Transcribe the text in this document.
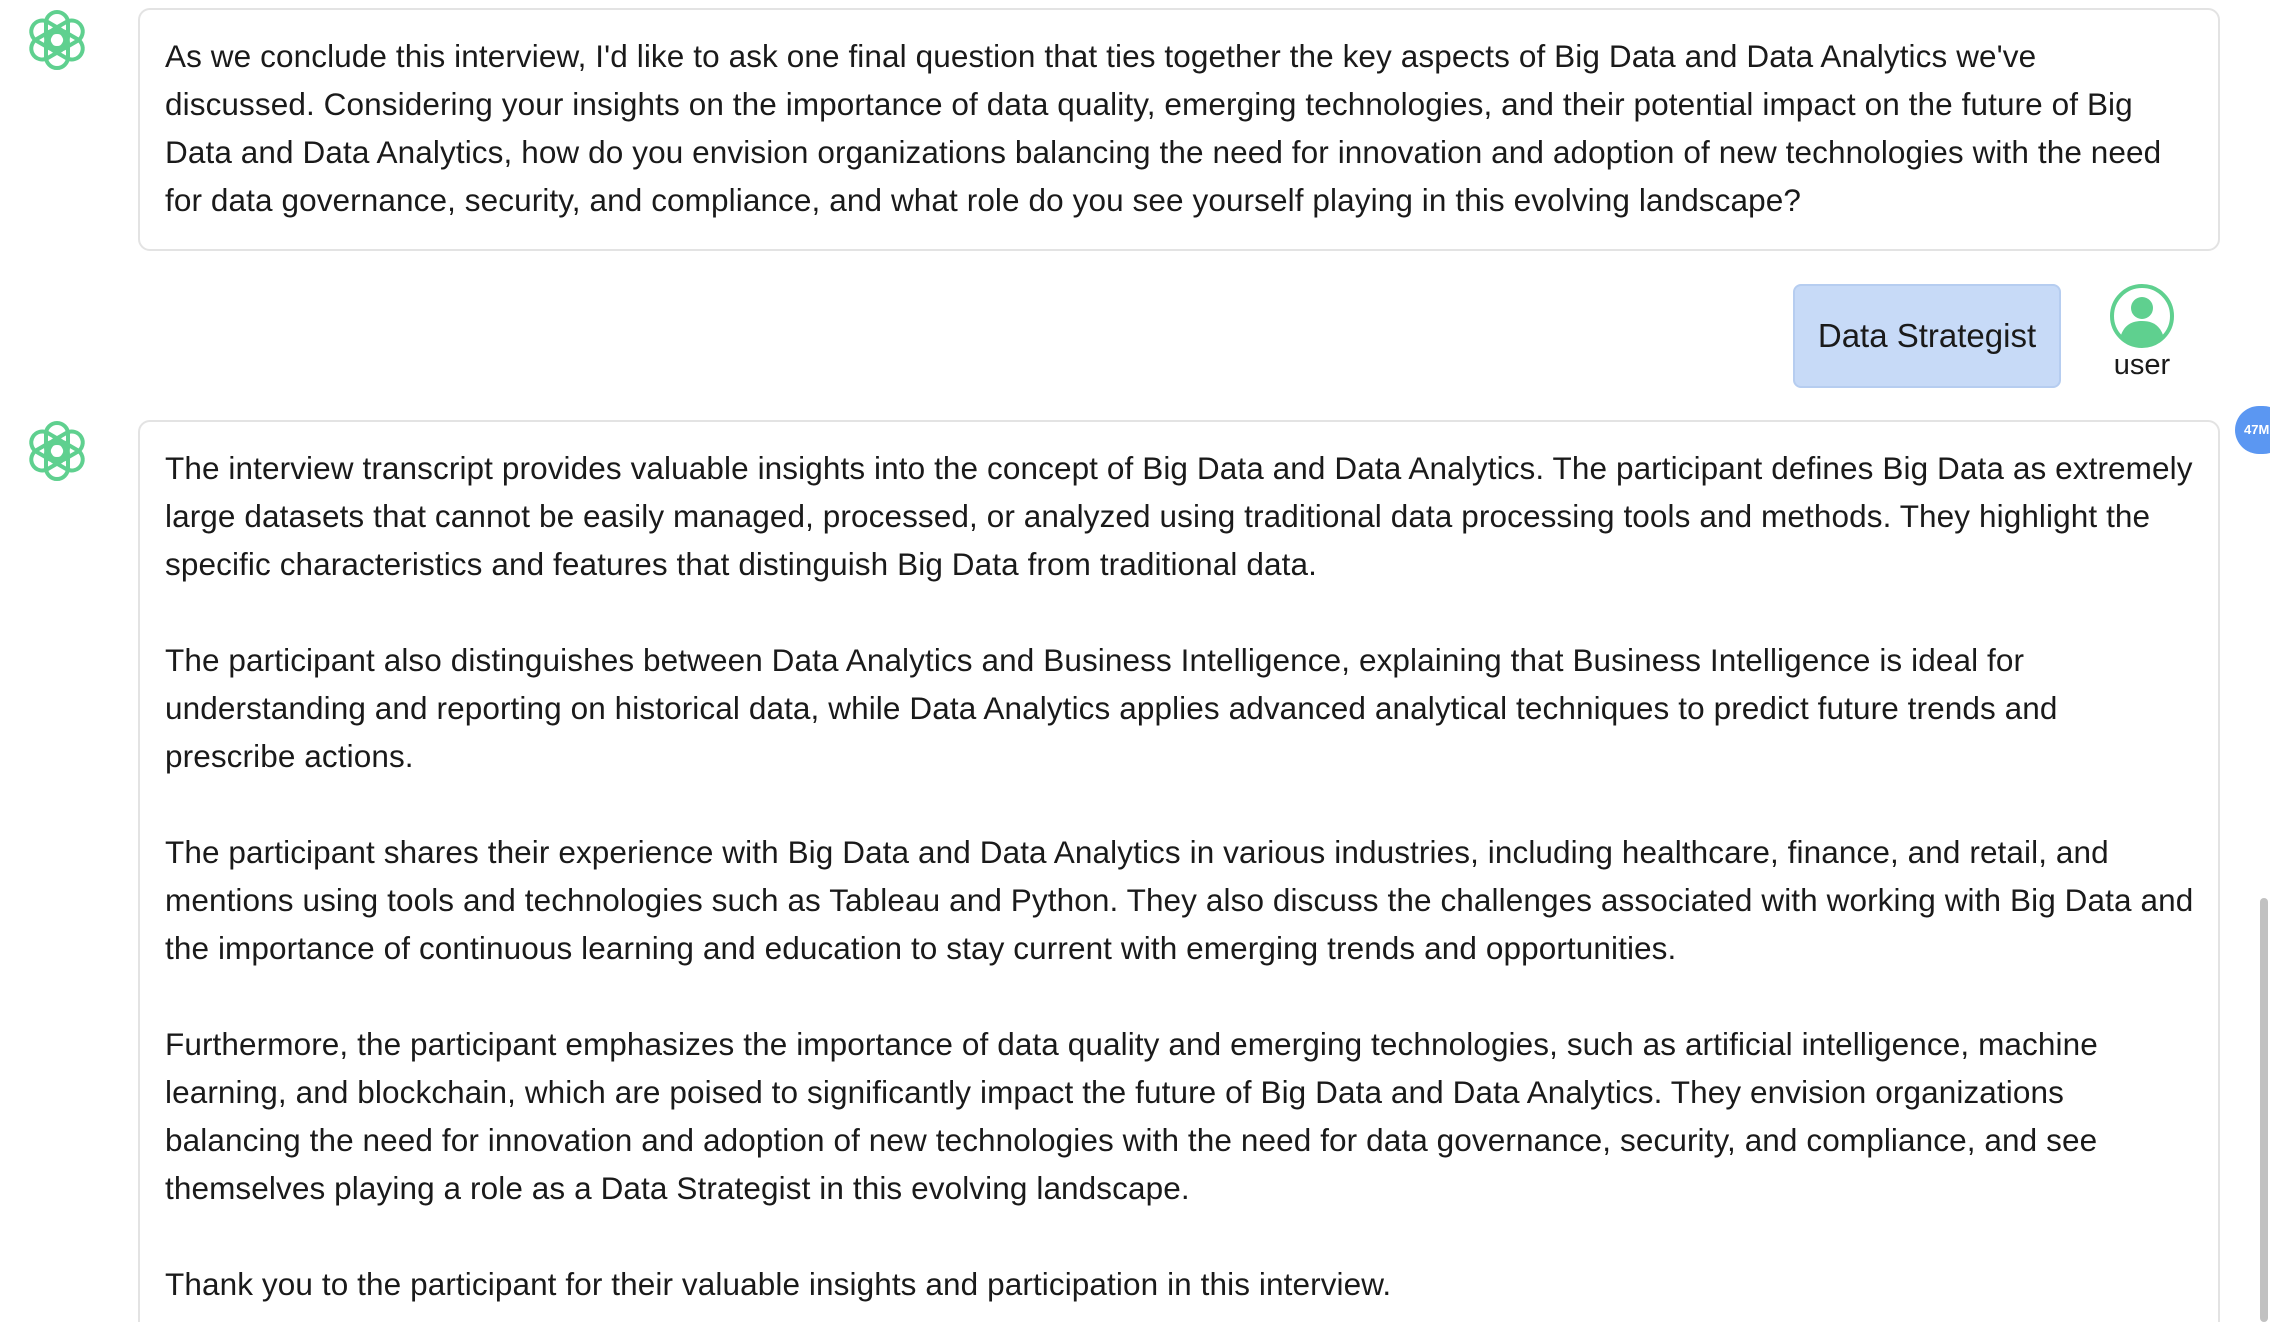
As we conclude this interview, I'd like to ask one final question that ties together the key aspects of Big Data and Data Analytics we've discussed. Considering your insights on the importance of data quality, emerging technologies, and their potential impact on the future of Big Data and Data Analytics, how do you envision organizations balancing the need for innovation and adoption of new technologies with the need for data governance, security, and compliance, and what role do you see yourself playing in this evolving landscape?

Data Strategist
user

The interview transcript provides valuable insights into the concept of Big Data and Data Analytics. The participant defines Big Data as extremely large datasets that cannot be easily managed, processed, or analyzed using traditional data processing tools and methods. They highlight the specific characteristics and features that distinguish Big Data from traditional data.

The participant also distinguishes between Data Analytics and Business Intelligence, explaining that Business Intelligence is ideal for understanding and reporting on historical data, while Data Analytics applies advanced analytical techniques to predict future trends and prescribe actions.

The participant shares their experience with Big Data and Data Analytics in various industries, including healthcare, finance, and retail, and mentions using tools and technologies such as Tableau and Python. They also discuss the challenges associated with working with Big Data and the importance of continuous learning and education to stay current with emerging trends and opportunities.

Furthermore, the participant emphasizes the importance of data quality and emerging technologies, such as artificial intelligence, machine learning, and blockchain, which are poised to significantly impact the future of Big Data and Data Analytics. They envision organizations balancing the need for innovation and adoption of new technologies with the need for data governance, security, and compliance, and see themselves playing a role as a Data Strategist in this evolving landscape.

Thank you to the participant for their valuable insights and participation in this interview.

47M
